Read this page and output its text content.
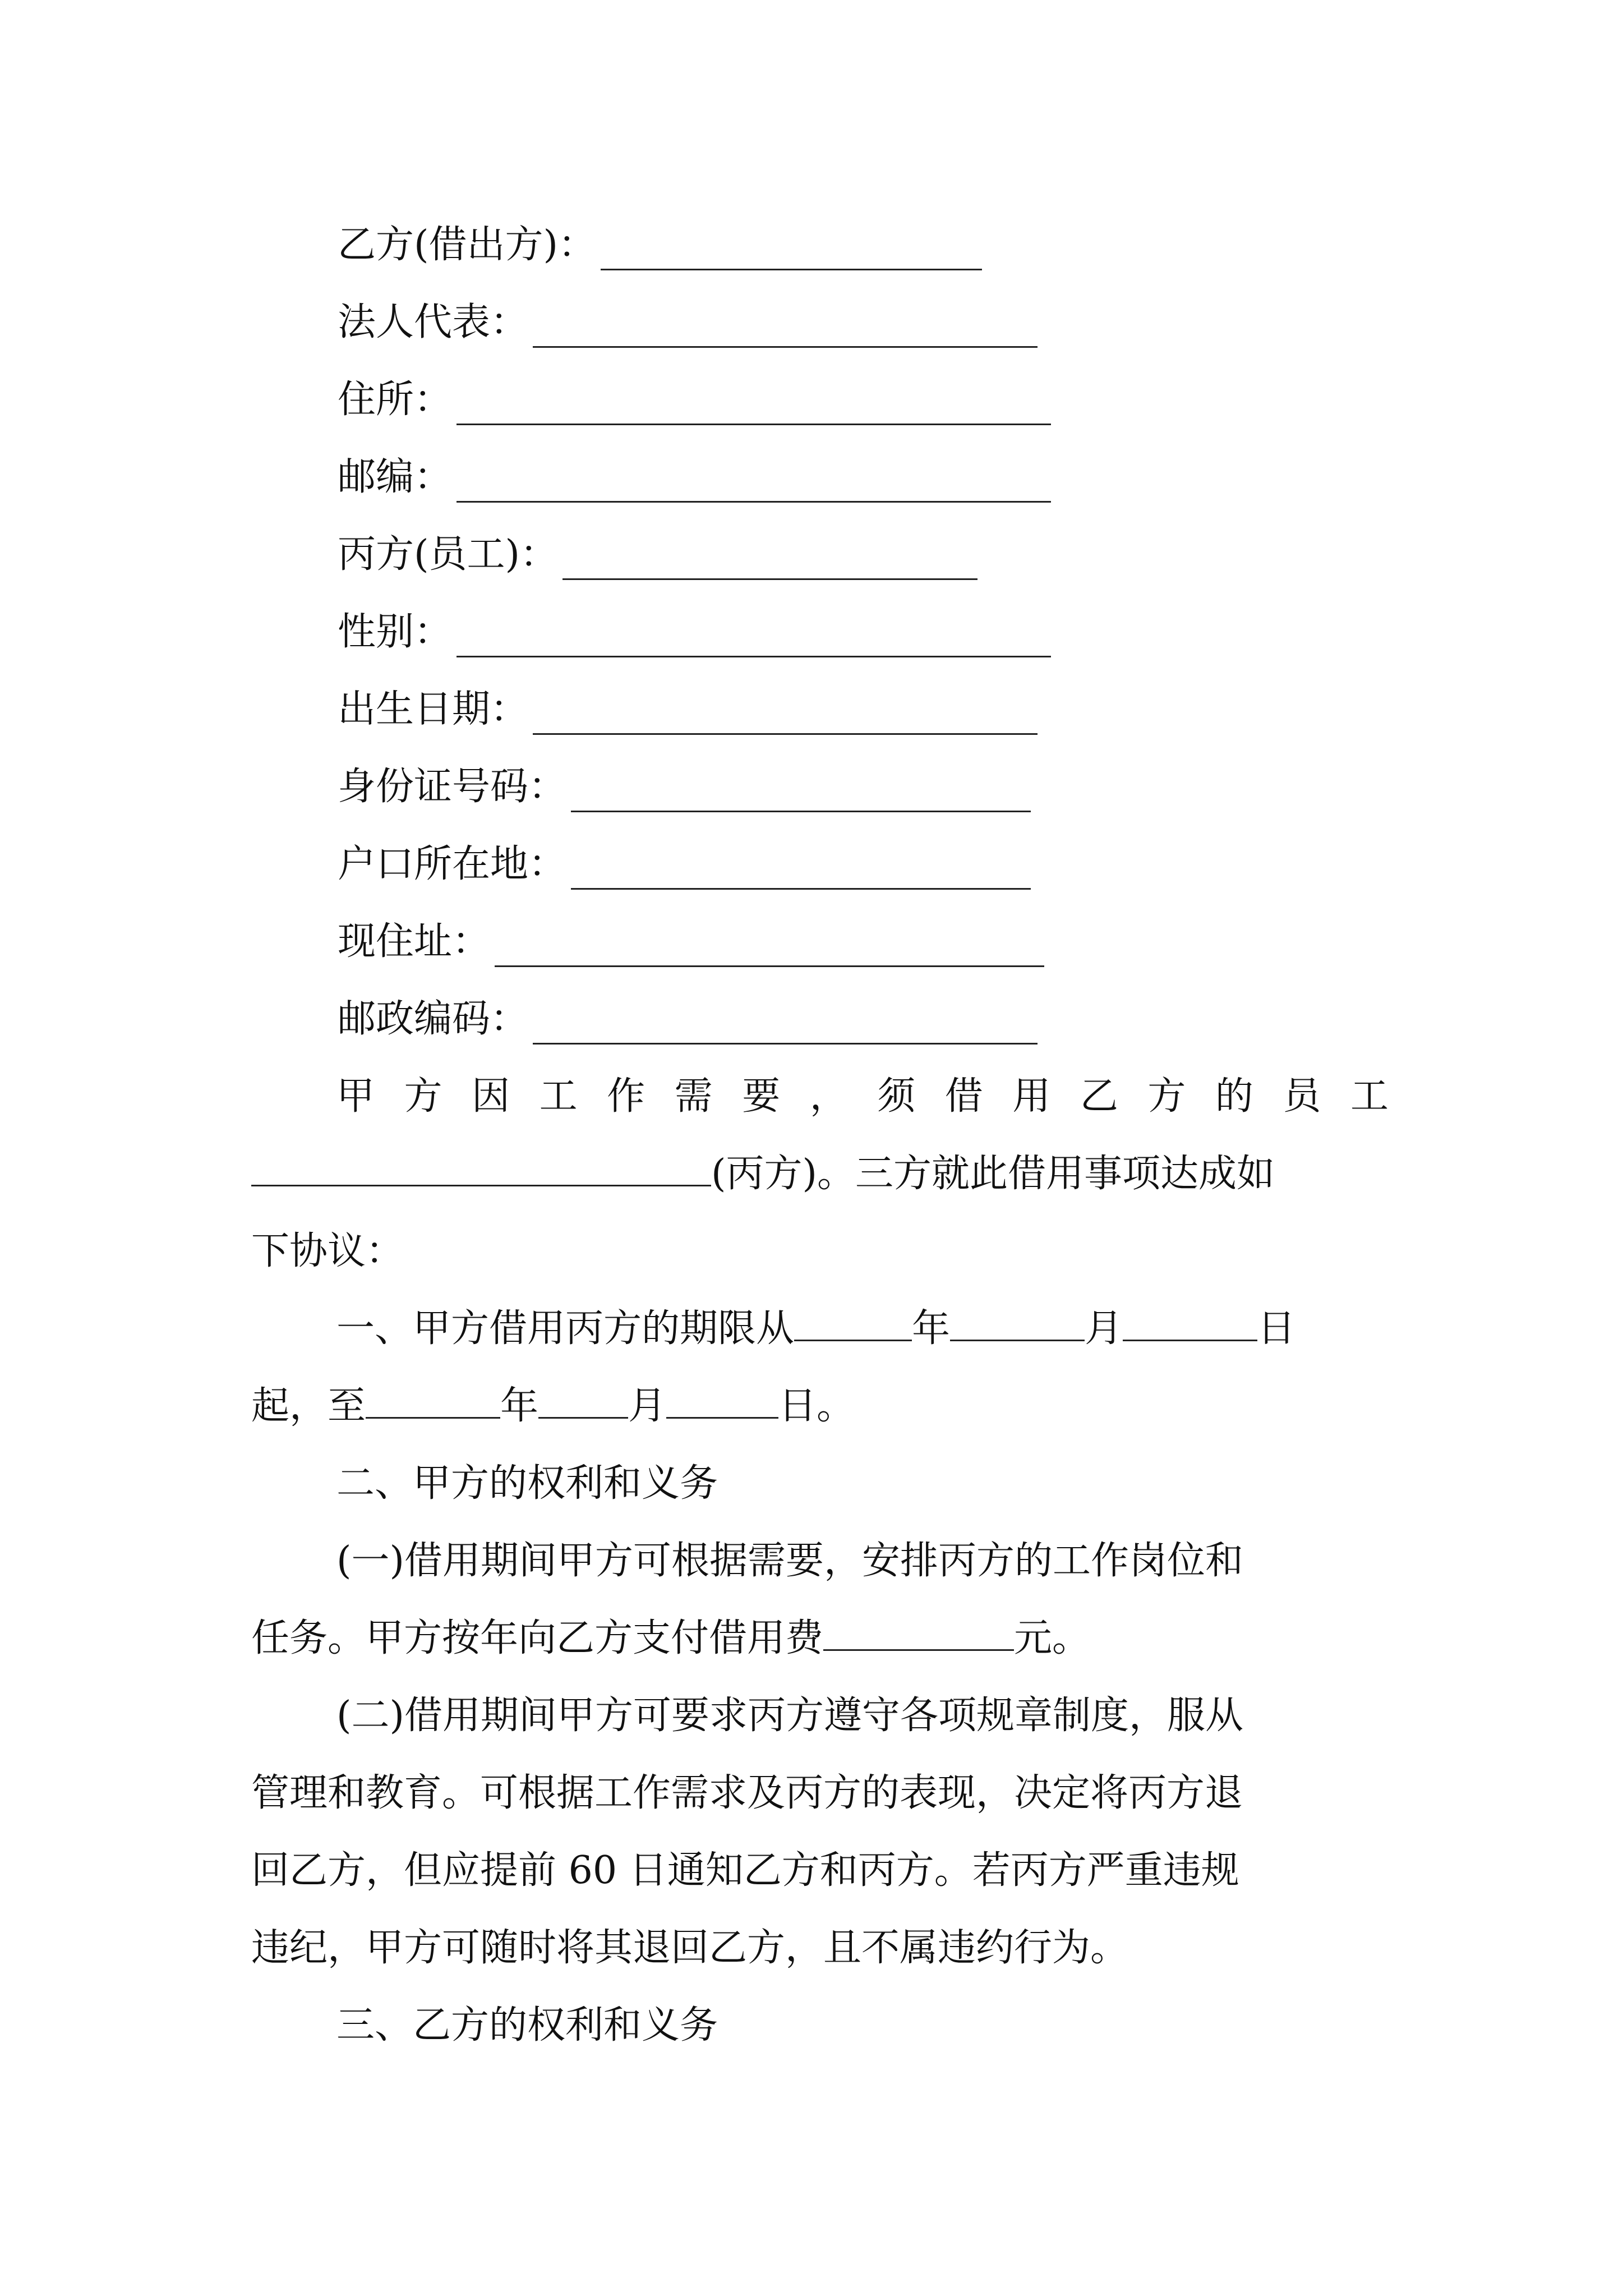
乙方(借出方)：
法人代表：
住所：
邮编：
丙方(员工)：
性别：
出生日期：
身份证号码：
户口所在地：
现住址：
邮政编码：
甲 方 因 工 作 需 要 ， 须 借 用 乙 方 的 员 工
(丙方)。三方就此借用事项达成如
下协议：
一、甲方借用丙方的期限从	年	月	日
起，至	年 月	日。
二、甲方的权利和义务
(一)借用期间甲方可根据需要，安排丙方的工作岗位和
任务。甲方按年向乙方支付借用费	元。
(二)借用期间甲方可要求丙方遵守各项规章制度，服从
管理和教育。可根据工作需求及丙方的表现，决定将丙方退
回乙方，但应提前 60 日通知乙方和丙方。若丙方严重违规
违纪，甲方可随时将其退回乙方，且不属违约行为。
三、乙方的权利和义务
